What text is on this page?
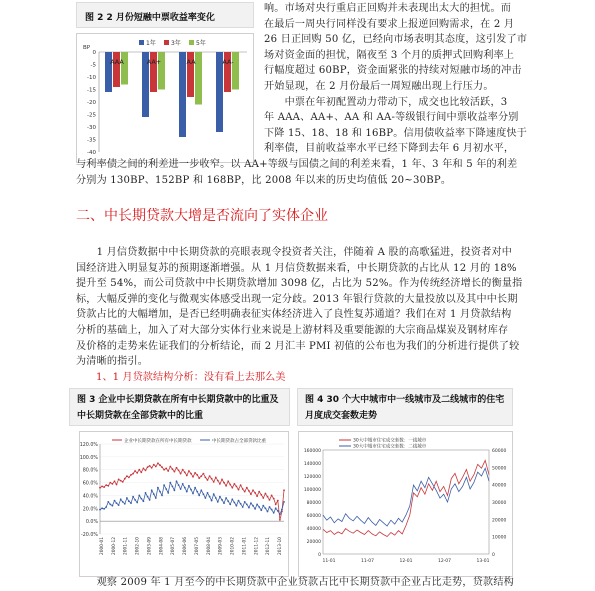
图 2 2 月份短融中票收益率变化
1年	3年	5年
BP
0
-5
-10
-15
-20
-25
-30
-35
-40
AAA	AA+	AA	AA-
响。市场对央行重启正回购并未表现出太大的担忧。而
在最后一周央行同样没有要求上报逆回购需求，在 2 月
26 日正回购 50 亿，已经向市场表明其态度，这引发了市
场对资金面的担忧，隔夜至 3 个月的质押式回购利率上
行幅度超过 60BP，资金面紧张的持续对短融市场的冲击
开始显现，在 2 月份最后一周短融出现上行压力。
　　中票在年初配置动力带动下，成交也比较活跃，3
年 AAA、AA+、AA 和 AA-等级银行间中票收益率分别
下降 15、18、18 和 16BP。信用债收益率下降速度快于
利率债，目前收益率水平已经下降到去年 6 月初水平，
与利率债之间的利差进一步收窄。以 AA+等级与国债之间的利差来看，1 年、3 年和 5 年的利差
分别为 130BP、152BP 和 168BP，比 2008 年以来的历史均值低 20~30BP。
二、中长期贷款大增是否流向了实体企业
　　1 月信贷数据中中长期贷款的亮眼表现令投资者关注，伴随着 A 股的高歌猛进，投资者对中
国经济进入明显复苏的预期逐渐增强。从 1 月信贷数据来看，中长期贷款的占比从 12 月的 18%
提升至 54%，而公司贷款中中长期贷款增加 3098 亿，占比为 52%。作为传统经济增长的衡量指
标，大幅反弹的变化与微观实体感受出现一定分歧。2013 年银行贷款的大量投放以及其中中长期
贷款占比的大幅增加，是否已经明确表征实体经济进入了良性复苏通道？我们在对 1 月贷款结构
分析的基础上，加入了对大部分实体行业来说是上游材料及重要能源的大宗商品煤炭及钢材库存
及价格的走势来佐证我们的分析结论，而 2 月汇丰 PMI 初值的公布也为我们的分析进行提供了较
为清晰的指引。
1、1 月贷款结构分析：没有看上去那么美
图 3 企业中长期贷款在所有中长期贷款中的比重及
中长期贷款在全部贷款中的比重
120.0%
100.0%
80.0%
60.0%
40.0%
20.0%
0.0%
-20.0%
企业中长期贷款在所有中长期贷款	中长期贷款占全部贷款比重
2000-01 2000-12 2001-11 2002-10 2003-09 2004-08 2005-07 2006-06 2007-05 2008-04 2009-03 2010-02 2011-01 2011-12 2012-11 2013-10
图 4 30 个大中城市中一线城市及二线城市的住宅
月度成交套数走势
160000
140000
120000
100000
80000
60000
40000
20000
0
60000
50000
40000
30000
20000
10000
0
30大中城市住宅成交套数：一线城市
30大中城市住宅成交套数：二线城市
11-01	11-07	12-01	12-07	13-01
　　观察 2009 年 1 月至今的中长期贷款中企业贷款占比中长期贷款中企业占比走势，贷款结构
